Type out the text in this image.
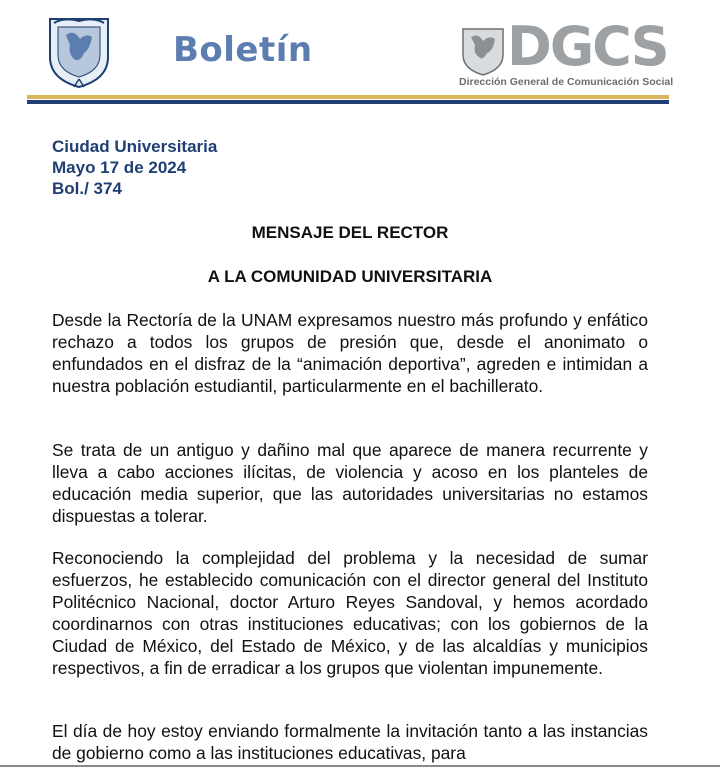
Boletín	DGCS
Dirección General de Comunicación Social
Ciudad Universitaria
Mayo 17 de 2024
Bol./ 374
MENSAJE DEL RECTOR
A LA COMUNIDAD UNIVERSITARIA

Desde la Rectoría de la UNAM expresamos nuestro más profundo y enfático rechazo a todos los grupos de presión que, desde el anonimato o enfundados en el disfraz de la “animación deportiva”, agreden e intimidan a nuestra población estudiantil, particularmente en el bachillerato.

Se trata de un antiguo y dañino mal que aparece de manera recurrente y lleva a cabo acciones ilícitas, de violencia y acoso en los planteles de educación media superior, que las autoridades universitarias no estamos dispuestas a tolerar.

Reconociendo la complejidad del problema y la necesidad de sumar esfuerzos, he establecido comunicación con el director general del Instituto Politécnico Nacional, doctor Arturo Reyes Sandoval, y hemos acordado coordinarnos con otras instituciones educativas; con los gobiernos de la Ciudad de México, del Estado de México, y de las alcaldías y municipios respectivos, a fin de erradicar a los grupos que violentan impunemente.

El día de hoy estoy enviando formalmente la invitación tanto a las instancias de gobierno como a las instituciones educativas, para
